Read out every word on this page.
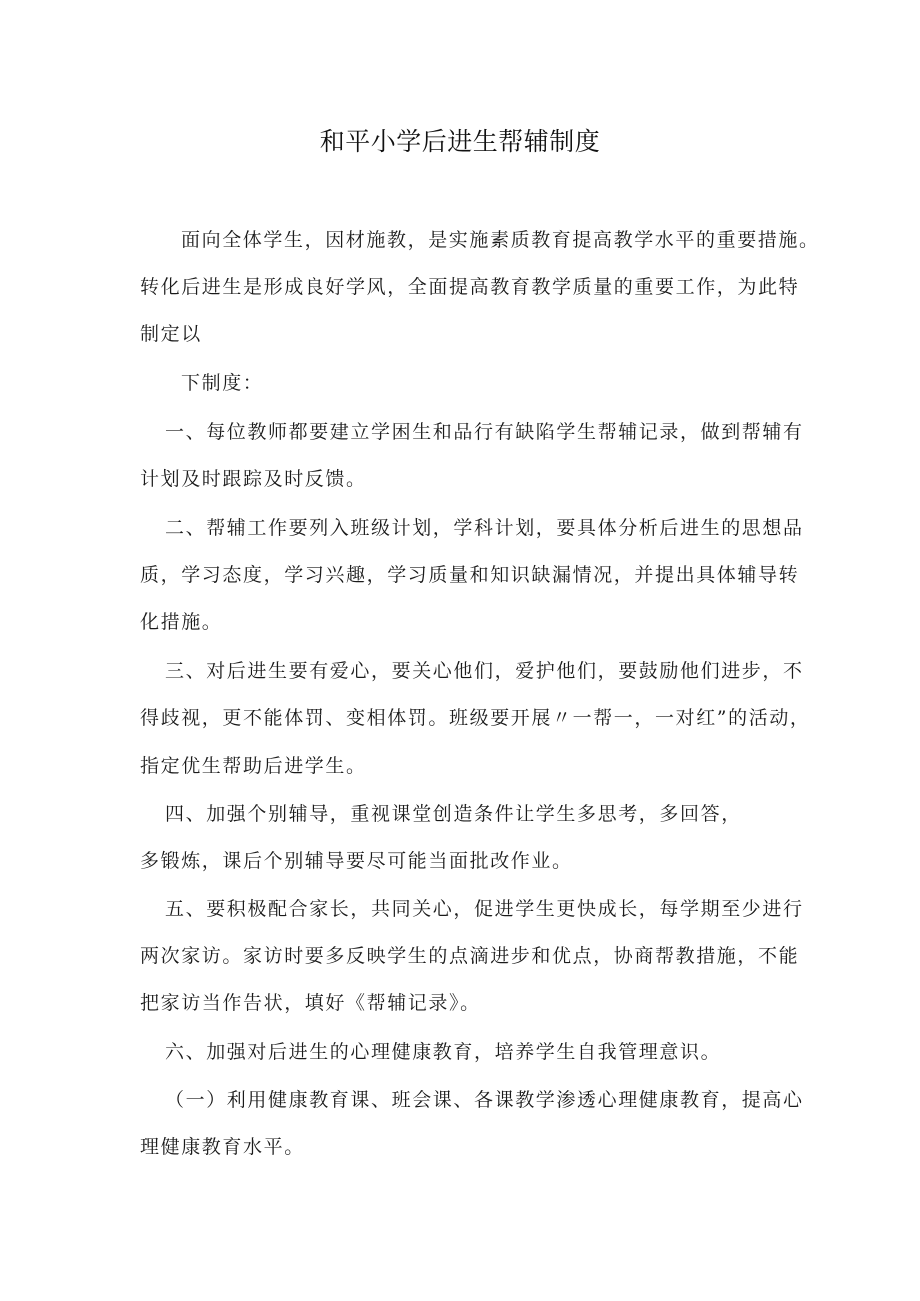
和平小学后进生帮辅制度
面向全体学生，因材施教，是实施素质教育提高教学水平的重要措施。
转化后进生是形成良好学风，全面提高教育教学质量的重要工作，为此特
制定以
下制度：
一、每位教师都要建立学困生和品行有缺陷学生帮辅记录，做到帮辅有
计划及时跟踪及时反馈。
二、帮辅工作要列入班级计划，学科计划，要具体分析后进生的思想品
质，学习态度，学习兴趣，学习质量和知识缺漏情况，并提出具体辅导转
化措施。
三、对后进生要有爱心，要关心他们，爱护他们，要鼓励他们进步，不
得歧视，更不能体罚、变相体罚。班级要开展〃一帮一，一对红”的活动，
指定优生帮助后进学生。
四、加强个别辅导，重视课堂创造条件让学生多思考，多回答，
多锻炼，课后个别辅导要尽可能当面批改作业。
五、要积极配合家长，共同关心，促进学生更快成长，每学期至少进行
两次家访。家访时要多反映学生的点滴进步和优点，协商帮教措施，不能
把家访当作告状，填好《帮辅记录》。
六、加强对后进生的心理健康教育，培养学生自我管理意识。
（一）利用健康教育课、班会课、各课教学渗透心理健康教育，提高心
理健康教育水平。
